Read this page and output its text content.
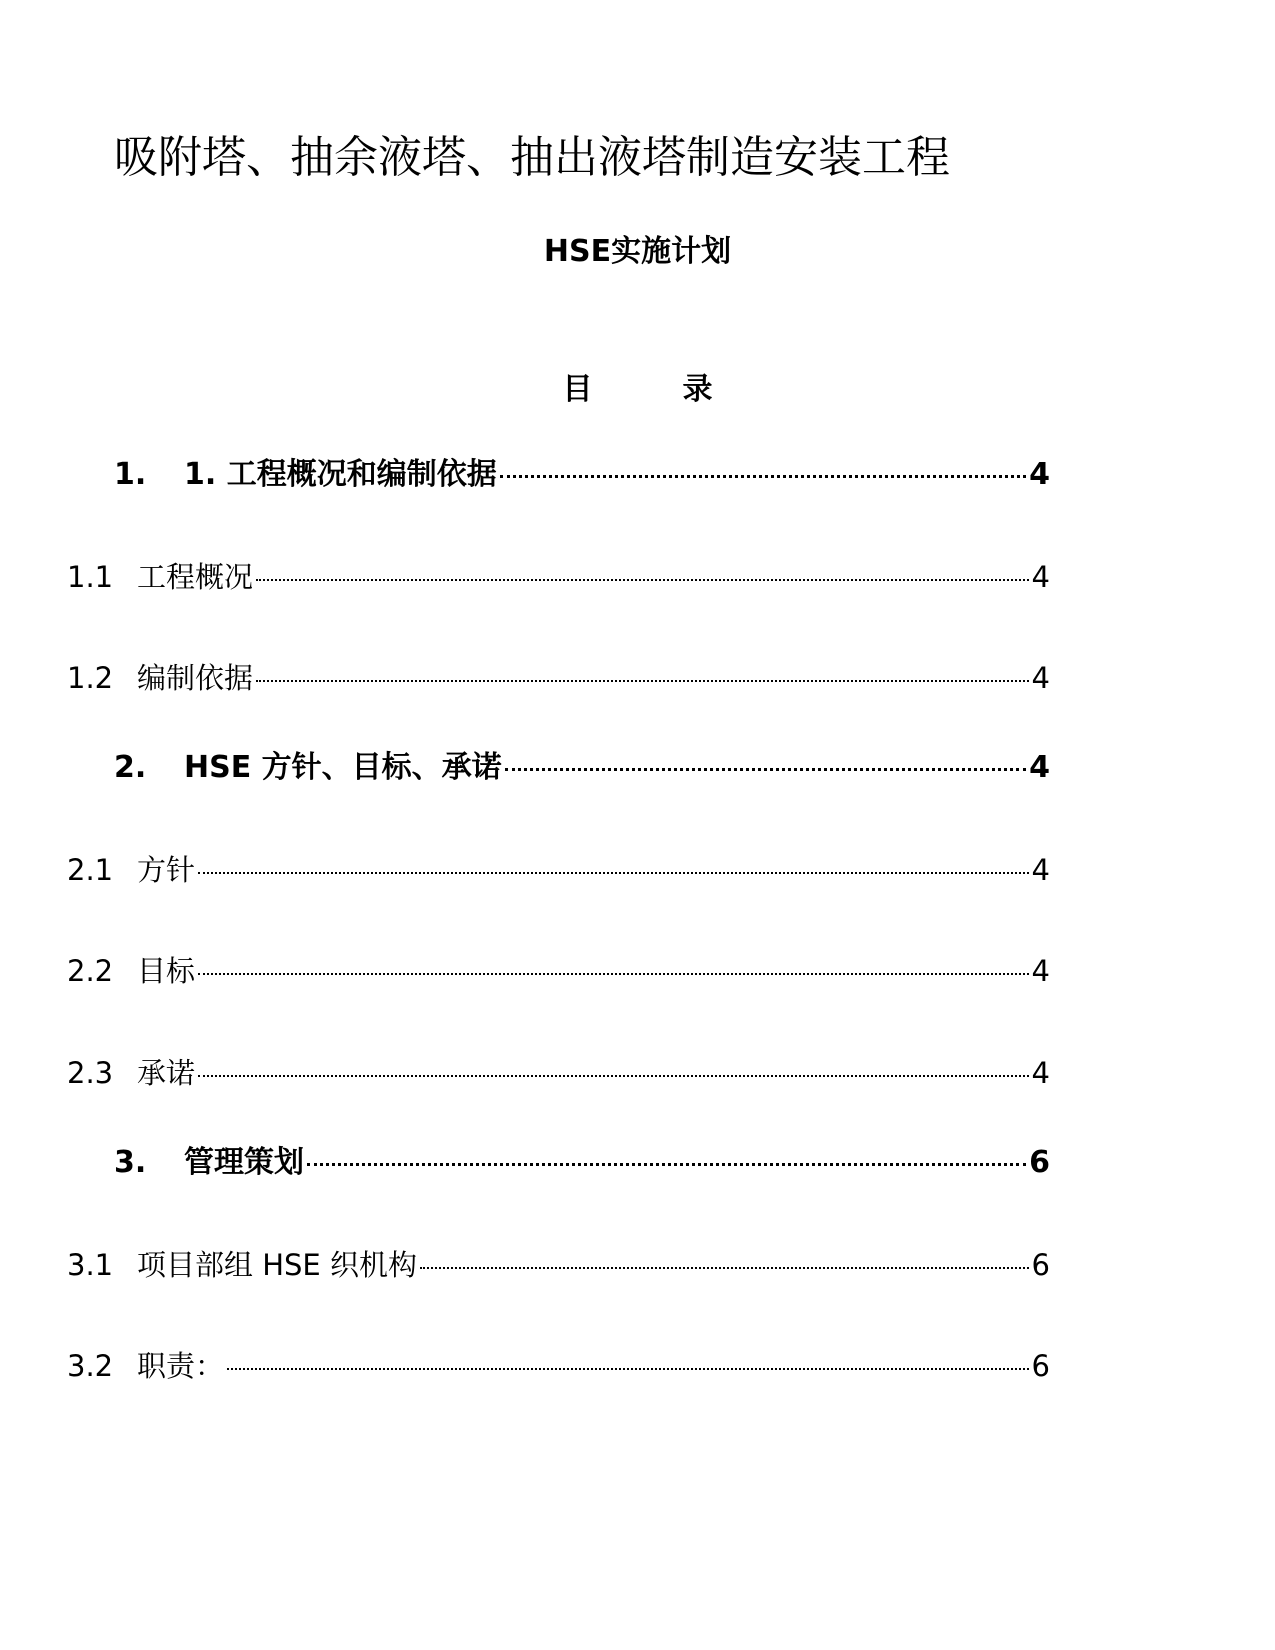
吸附塔、抽余液塔、抽出液塔制造安装工程
HSE实施计划
目录
1.	1. 工程概况和编制依据	4
1.1 工程概况	4
1.2 编制依据	4
2.	HSE 方针、目标、承诺	4
2.1 方针	4
2.2 目标	4
2.3 承诺	4
3.	管理策划	6
3.1 项目部组 HSE 织机构	6
3.2 职责：	6
